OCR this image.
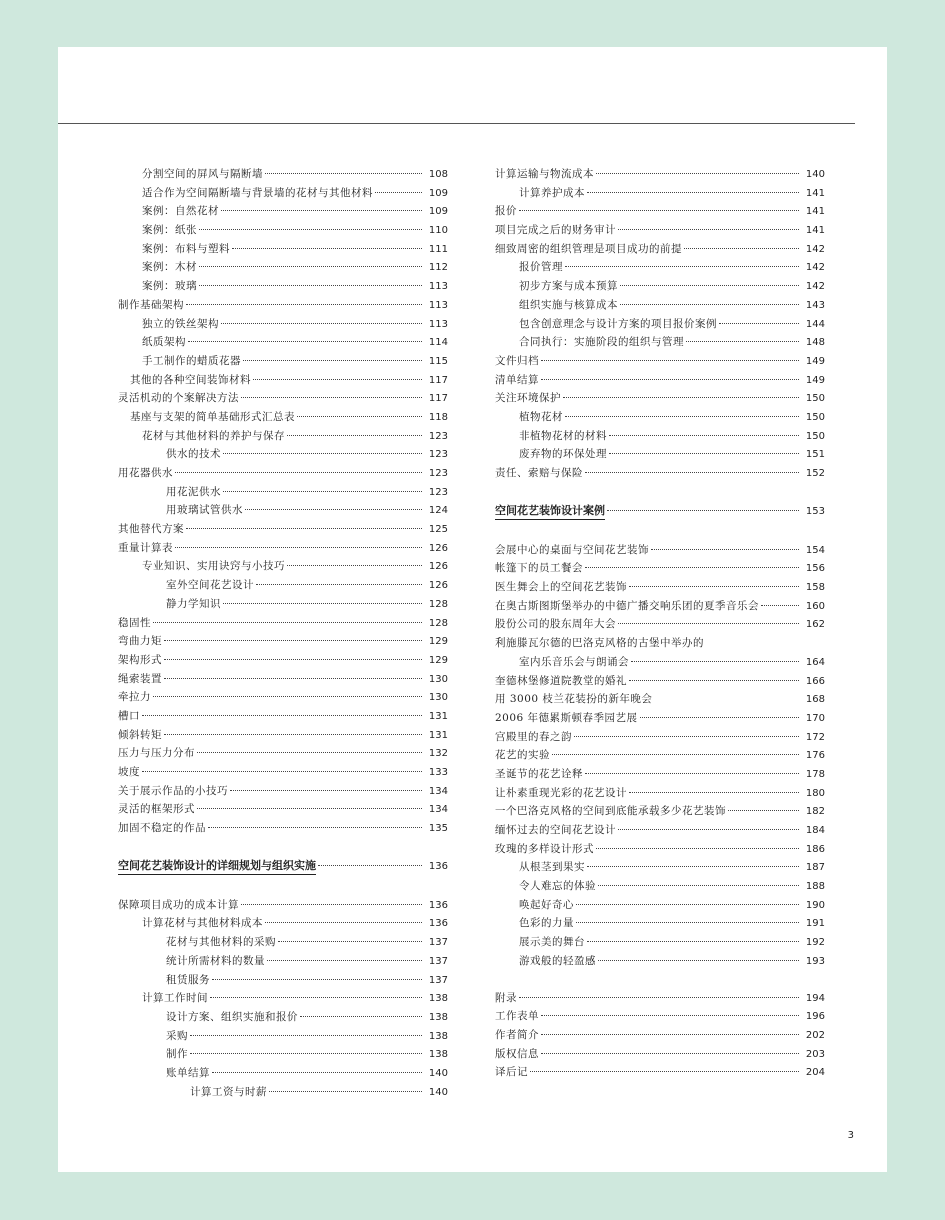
分割空间的屏风与隔断墙	108
适合作为空间隔断墙与背景墙的花材与其他材料	109
案例：自然花材	109
案例：纸张	110
案例：布料与塑料	111
案例：木材	112
案例：玻璃	113
制作基础架构	113
独立的铁丝架构	113
纸质架构	114
手工制作的蜡质花器	115
其他的各种空间装饰材料	117
灵活机动的个案解决方法	117
基座与支架的简单基础形式汇总表	118
花材与其他材料的养护与保存	123
供水的技术	123
用花器供水	123
用花泥供水	123
用玻璃试管供水	124
其他替代方案	125
重量计算表	126
专业知识、实用诀窍与小技巧	126
室外空间花艺设计	126
静力学知识	128
稳固性	128
弯曲力矩	129
架构形式	129
绳索装置	130
牵拉力	130
槽口	131
倾斜转矩	131
压力与压力分布	132
坡度	133
关于展示作品的小技巧	134
灵活的框架形式	134
加固不稳定的作品	135
空间花艺装饰设计的详细规划与组织实施	136
保障项目成功的成本计算	136
计算花材与其他材料成本	136
花材与其他材料的采购	137
统计所需材料的数量	137
租赁服务	137
计算工作时间	138
设计方案、组织实施和报价	138
采购	138
制作	138
账单结算	140
计算工资与时薪	140
计算运输与物流成本	140
计算养护成本	141
报价	141
项目完成之后的财务审计	141
细致周密的组织管理是项目成功的前提	142
报价管理	142
初步方案与成本预算	142
组织实施与核算成本	143
包含创意理念与设计方案的项目报价案例	144
合同执行：实施阶段的组织与管理	148
文件归档	149
清单结算	149
关注环境保护	150
植物花材	150
非植物花材的材料	150
废弃物的环保处理	151
责任、索赔与保险	152
空间花艺装饰设计案例	153
会展中心的桌面与空间花艺装饰	154
帐篷下的员工餐会	156
医生舞会上的空间花艺装饰	158
在奥古斯图斯堡举办的中德广播交响乐团的夏季音乐会	160
股份公司的股东周年大会	162
利施滕瓦尔德的巴洛克风格的古堡中举办的
室内乐音乐会与朗诵会	164
奎德林堡修道院教堂的婚礼	166
用 3000 枝兰花装扮的新年晚会	168
2006 年德累斯顿春季园艺展	170
宫殿里的春之韵	172
花艺的实验	176
圣诞节的花艺诠释	178
让朴素重现光彩的花艺设计	180
一个巴洛克风格的空间到底能承载多少花艺装饰	182
缅怀过去的空间花艺设计	184
玫瑰的多样设计形式	186
从根茎到果实	187
令人难忘的体验	188
唤起好奇心	190
色彩的力量	191
展示美的舞台	192
游戏般的轻盈感	193
附录	194
工作表单	196
作者简介	202
版权信息	203
译后记	204
3
